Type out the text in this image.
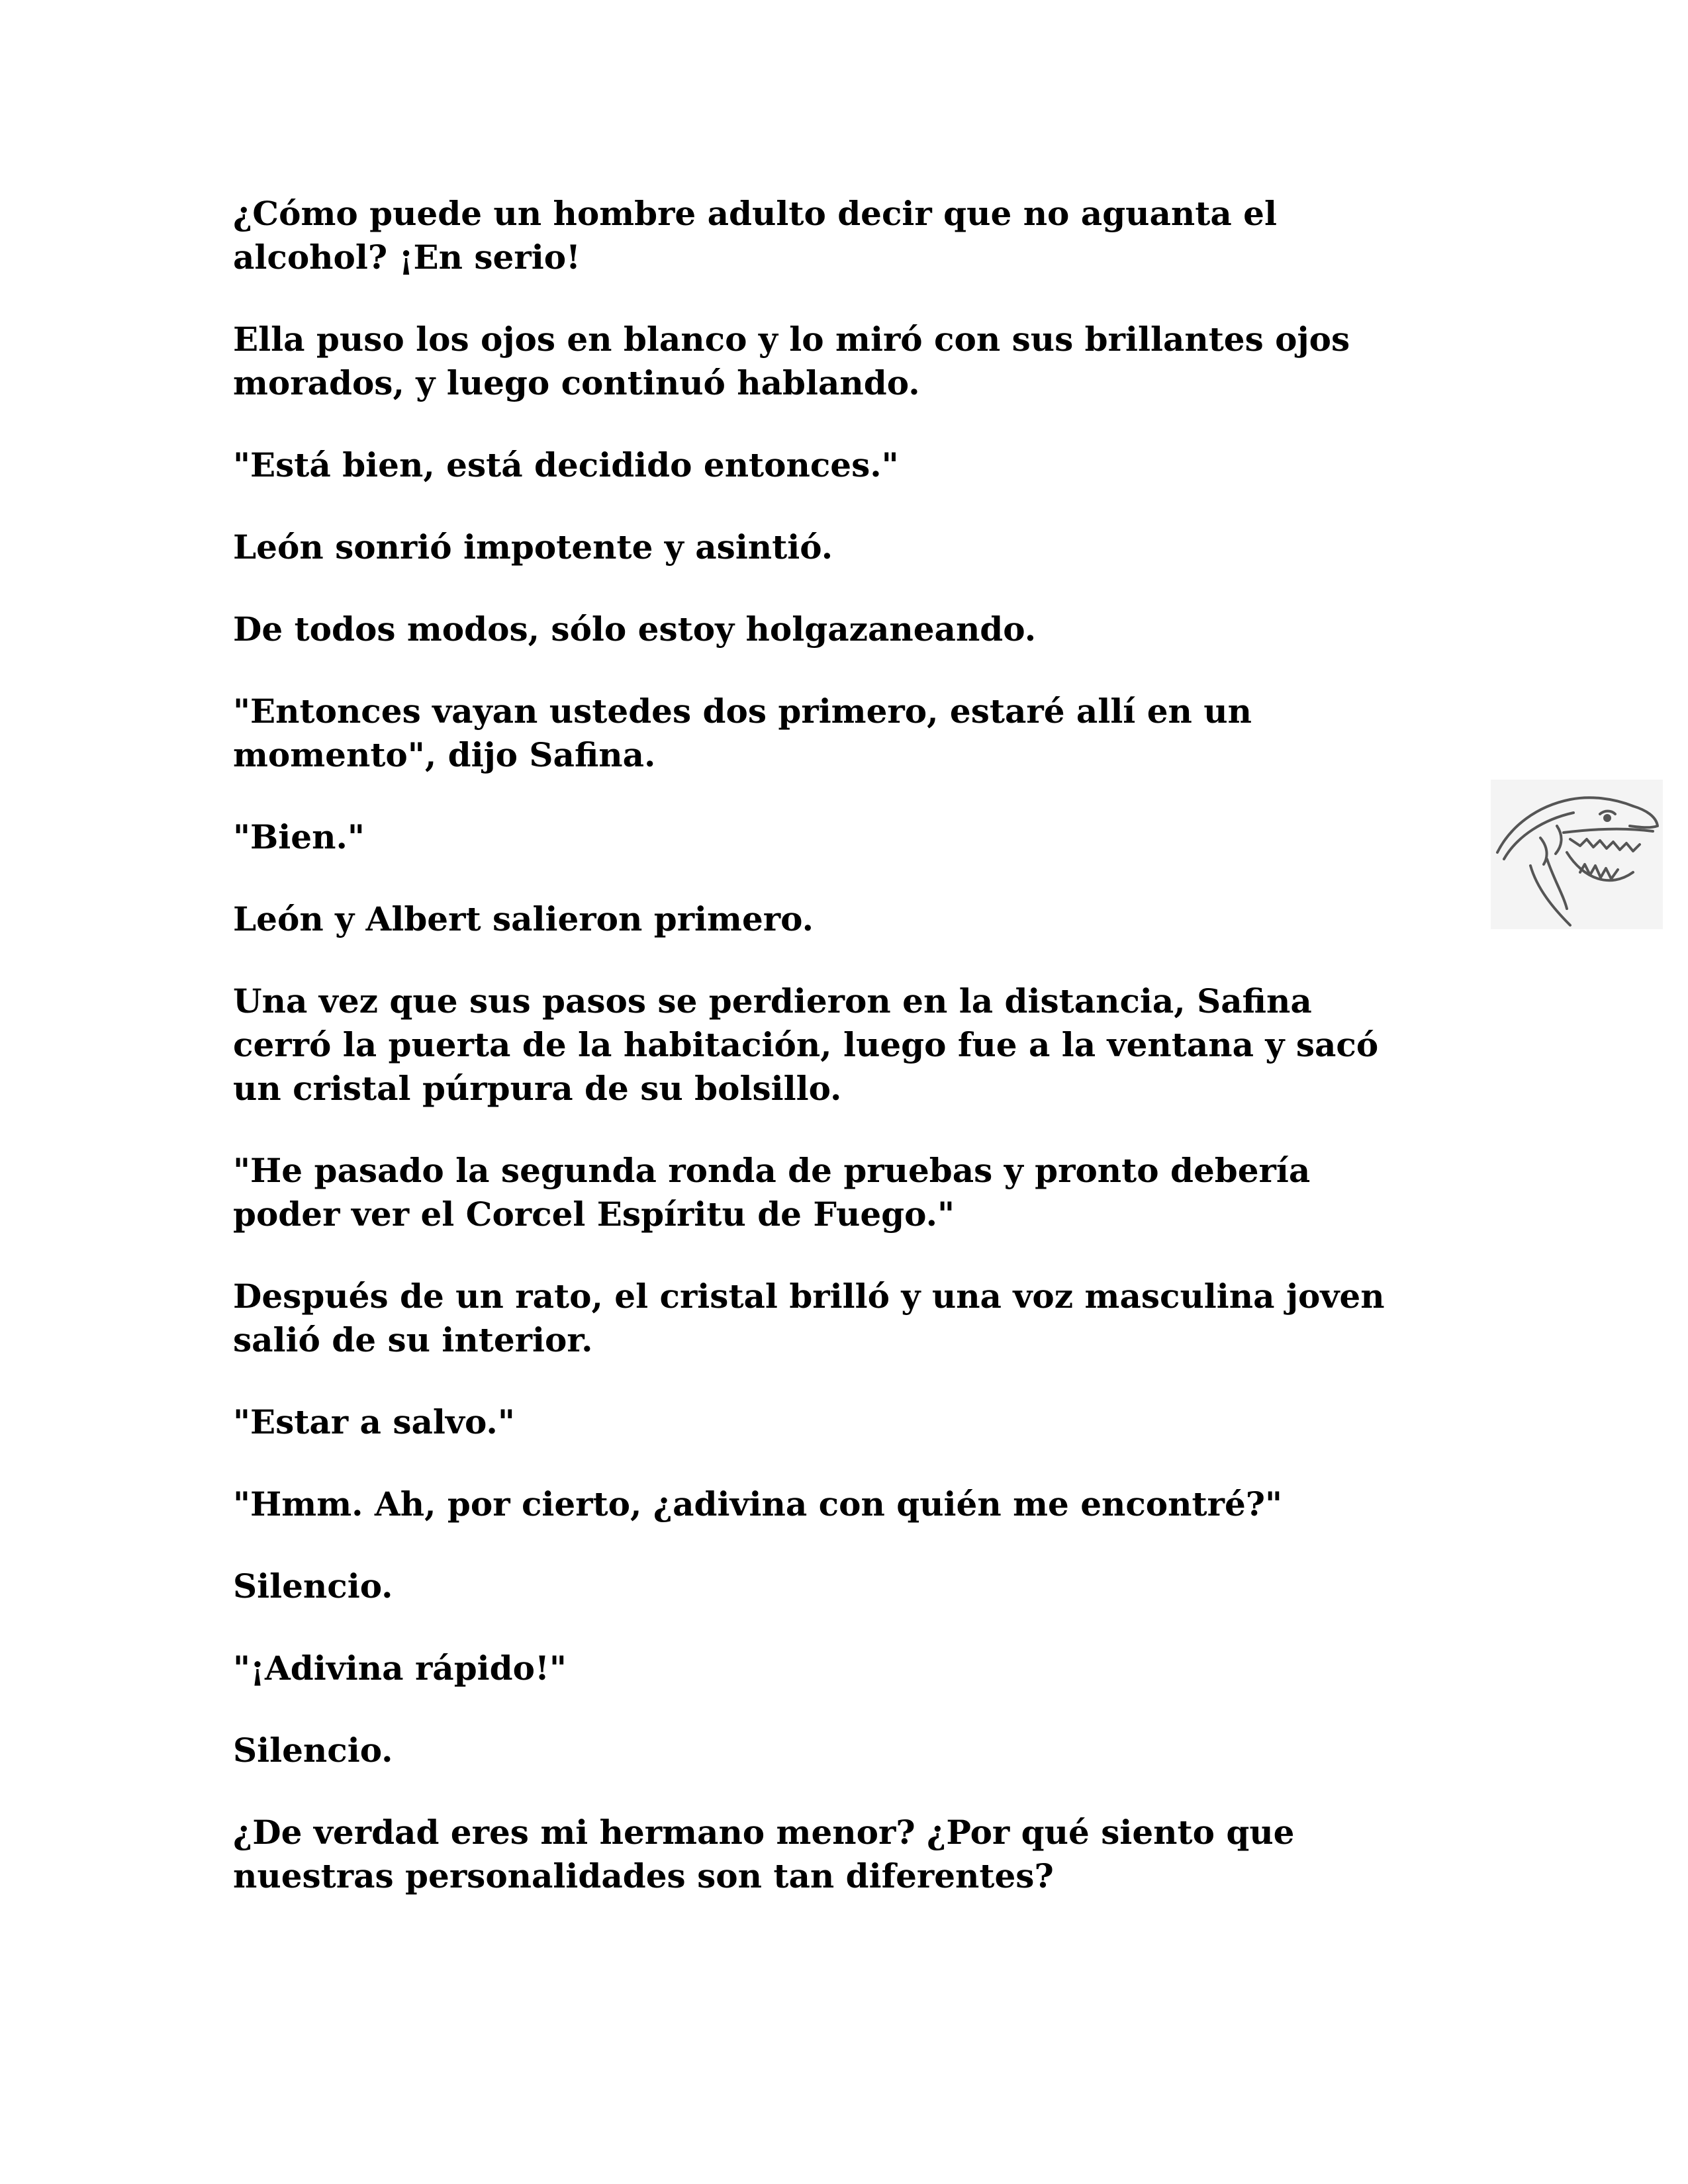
¿Cómo puede un hombre adulto decir que no aguanta el
alcohol? ¡En serio!

Ella puso los ojos en blanco y lo miró con sus brillantes ojos
morados, y luego continuó hablando.

"Está bien, está decidido entonces."

León sonrió impotente y asintió.

De todos modos, sólo estoy holgazaneando.

"Entonces vayan ustedes dos primero, estaré allí en un
momento", dijo Safina.

"Bien."

León y Albert salieron primero.

Una vez que sus pasos se perdieron en la distancia, Safina
cerró la puerta de la habitación, luego fue a la ventana y sacó
un cristal púrpura de su bolsillo.

"He pasado la segunda ronda de pruebas y pronto debería
poder ver el Corcel Espíritu de Fuego."

Después de un rato, el cristal brilló y una voz masculina joven
salió de su interior.

"Estar a salvo."

"Hmm. Ah, por cierto, ¿adivina con quién me encontré?"

Silencio.

"¡Adivina rápido!"

Silencio.

¿De verdad eres mi hermano menor? ¿Por qué siento que
nuestras personalidades son tan diferentes?
